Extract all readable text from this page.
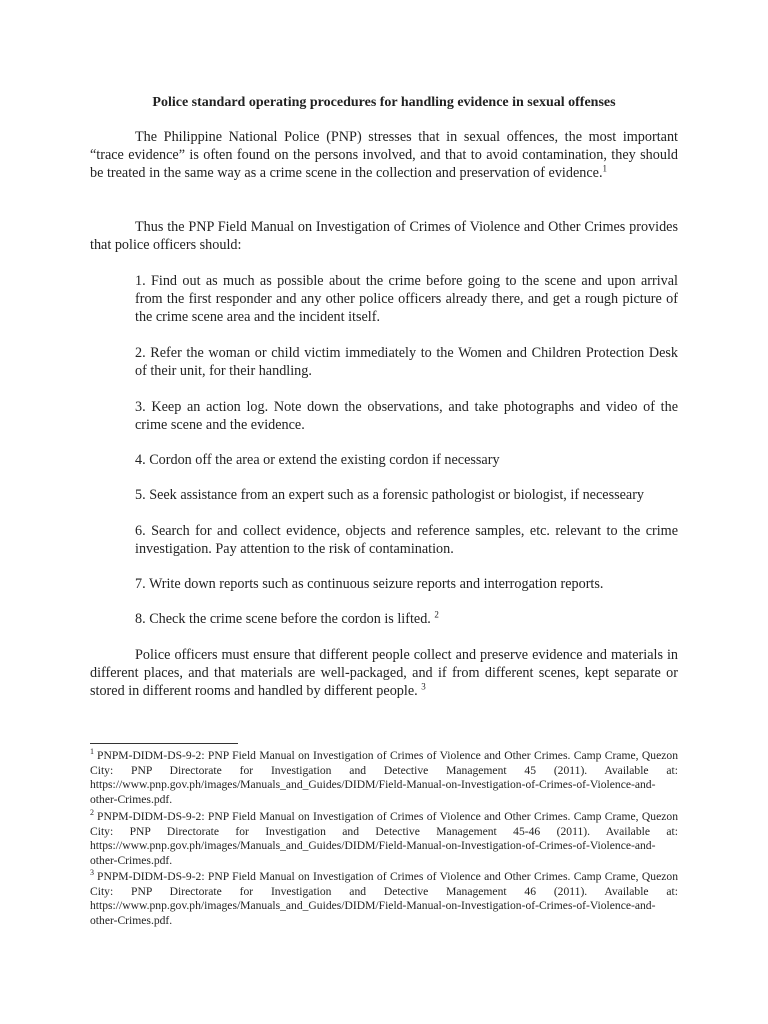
Police standard operating procedures for handling evidence in sexual offenses

The Philippine National Police (PNP) stresses that in sexual offences, the most important “trace evidence” is often found on the persons involved, and that to avoid contamination, they should be treated in the same way as a crime scene in the collection and preservation of evidence.$^1$

Thus the PNP Field Manual on Investigation of Crimes of Violence and Other Crimes provides that police officers should:

1. Find out as much as possible about the crime before going to the scene and upon arrival from the first responder and any other police officers already there, and get a rough picture of the crime scene area and the incident itself.

2. Refer the woman or child victim immediately to the Women and Children Protection Desk of their unit, for their handling.

3. Keep an action log. Note down the observations, and take photographs and video of the crime scene and the evidence.

4. Cordon off the area or extend the existing cordon if necessary

5. Seek assistance from an expert such as a forensic pathologist or biologist, if necesseary

6. Search for and collect evidence, objects and reference samples, etc. relevant to the crime investigation. Pay attention to the risk of contamination.

7. Write down reports such as continuous seizure reports and interrogation reports.

8. Check the crime scene before the cordon is lifted. $^2$

Police officers must ensure that different people collect and preserve evidence and materials in different places, and that materials are well-packaged, and if from different scenes, kept separate or stored in different rooms and handled by different people. $^3$

$^1$ PNPM-DIDM-DS-9-2: PNP Field Manual on Investigation of Crimes of Violence and Other Crimes. Camp Crame, Quezon City: PNP Directorate for Investigation and Detective Management 45 (2011). Available at: https://www.pnp.gov.ph/images/Manuals_and_Guides/DIDM/Field-Manual-on-Investigation-of-Crimes-of-Violence-and-other-Crimes.pdf.

$^2$ PNPM-DIDM-DS-9-2: PNP Field Manual on Investigation of Crimes of Violence and Other Crimes. Camp Crame, Quezon City: PNP Directorate for Investigation and Detective Management 45-46 (2011). Available at: https://www.pnp.gov.ph/images/Manuals_and_Guides/DIDM/Field-Manual-on-Investigation-of-Crimes-of-Violence-and-other-Crimes.pdf.

$^3$ PNPM-DIDM-DS-9-2: PNP Field Manual on Investigation of Crimes of Violence and Other Crimes. Camp Crame, Quezon City: PNP Directorate for Investigation and Detective Management 46 (2011). Available at: https://www.pnp.gov.ph/images/Manuals_and_Guides/DIDM/Field-Manual-on-Investigation-of-Crimes-of-Violence-and-other-Crimes.pdf.
